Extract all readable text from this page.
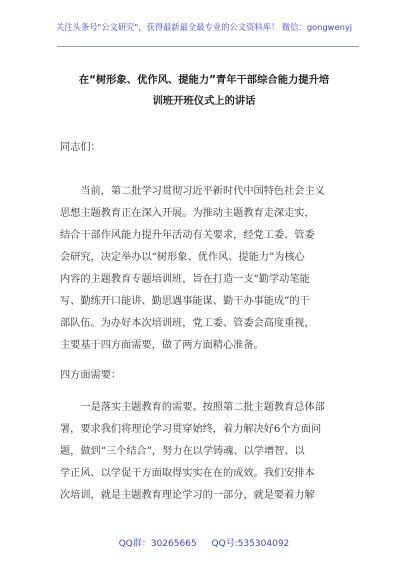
关注头条号"公文研究"，获得最新最全最专业的公文资料库！ 微信：gongwenyj
在“树形象、优作风、提能力”青年干部综合能力提升培
训班开班仪式上的讲话

同志们：

　　当前，第二批学习贯彻习近平新时代中国特色社会主义
思想主题教育正在深入开展。为推动主题教育走深走实，
结合干部作风能力提升年活动有关要求，经党工委、管委
会研究，决定举办以“树形象、优作风、提能力”为核心
内容的主题教育专题培训班，旨在打造一支“勤学动笔能
写、勤练开口能讲、勤思遇事能谋、勤干办事能成”的干
部队伍。为办好本次培训班，党工委、管委会高度重视，
主要基于四方面需要，做了两方面精心准备。

四方面需要：

　　一是落实主题教育的需要。按照第二批主题教育总体部
署，要求我们将理论学习贯穿始终，着力解决好6个方面问
题，做到“三个结合”，努力在以学铸魂、以学增智、以
学正风、以学促干方面取得实实在在的成效。我们安排本
次培训，就是主题教育理论学习的一部分，就是要着力解

QQ群：30265665 QQ号:535304092
